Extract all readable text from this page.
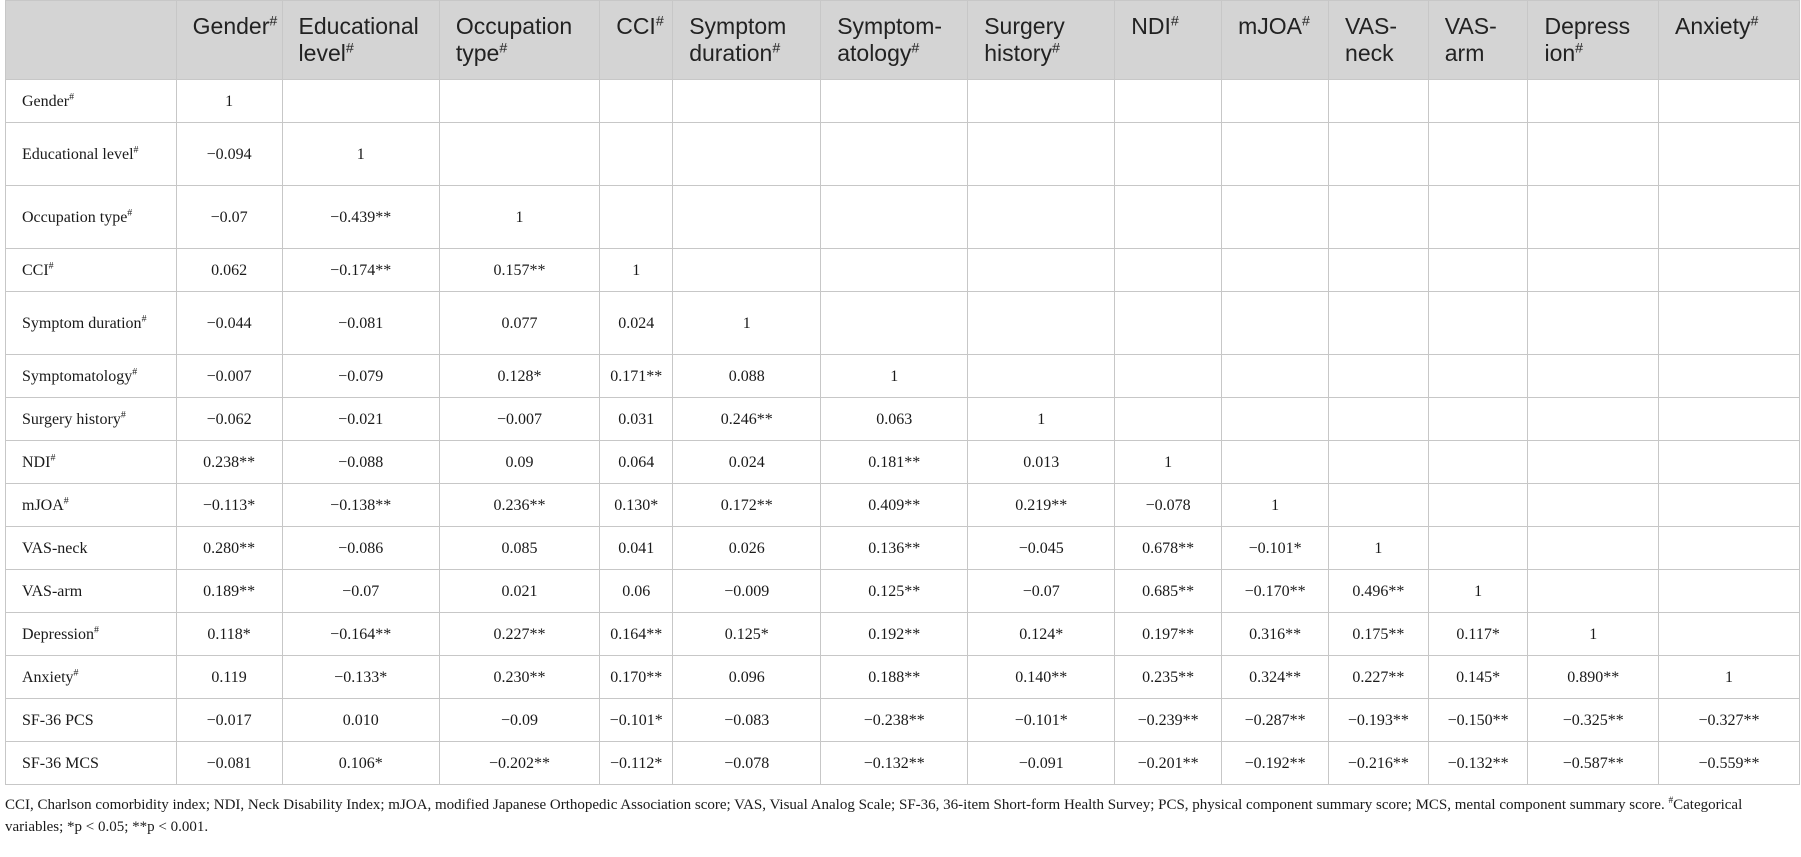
	Gender#	Educational level#	Occupation type#	CCI#	Symptom duration#	Symptom-atology#	Surgery history#	NDI#	mJOA#	VAS-neck	VAS-arm	Depress ion#	Anxiety#
Gender#	1												
Educational level#	−0.094	1											
Occupation type#	−0.07	−0.439**	1										
CCI#	0.062	−0.174**	0.157**	1									
Symptom duration#	−0.044	−0.081	0.077	0.024	1								
Symptomatology#	−0.007	−0.079	0.128*	0.171**	0.088	1							
Surgery history#	−0.062	−0.021	−0.007	0.031	0.246**	0.063	1						
NDI#	0.238**	−0.088	0.09	0.064	0.024	0.181**	0.013	1					
mJOA#	−0.113*	−0.138**	0.236**	0.130*	0.172**	0.409**	0.219**	−0.078	1				
VAS-neck	0.280**	−0.086	0.085	0.041	0.026	0.136**	−0.045	0.678**	−0.101*	1			
VAS-arm	0.189**	−0.07	0.021	0.06	−0.009	0.125**	−0.07	0.685**	−0.170**	0.496**	1		
Depression#	0.118*	−0.164**	0.227**	0.164**	0.125*	0.192**	0.124*	0.197**	0.316**	0.175**	0.117*	1	
Anxiety#	0.119	−0.133*	0.230**	0.170**	0.096	0.188**	0.140**	0.235**	0.324**	0.227**	0.145*	0.890**	1
SF-36 PCS	−0.017	0.010	−0.09	−0.101*	−0.083	−0.238**	−0.101*	−0.239**	−0.287**	−0.193**	−0.150**	−0.325**	−0.327**
SF-36 MCS	−0.081	0.106*	−0.202**	−0.112*	−0.078	−0.132**	−0.091	−0.201**	−0.192**	−0.216**	−0.132**	−0.587**	−0.559**
CCI, Charlson comorbidity index; NDI, Neck Disability Index; mJOA, modified Japanese Orthopedic Association score; VAS, Visual Analog Scale; SF-36, 36-item Short-form Health Survey; PCS, physical component summary score; MCS, mental component summary score. #Categorical variables; *p < 0.05; **p < 0.001.
